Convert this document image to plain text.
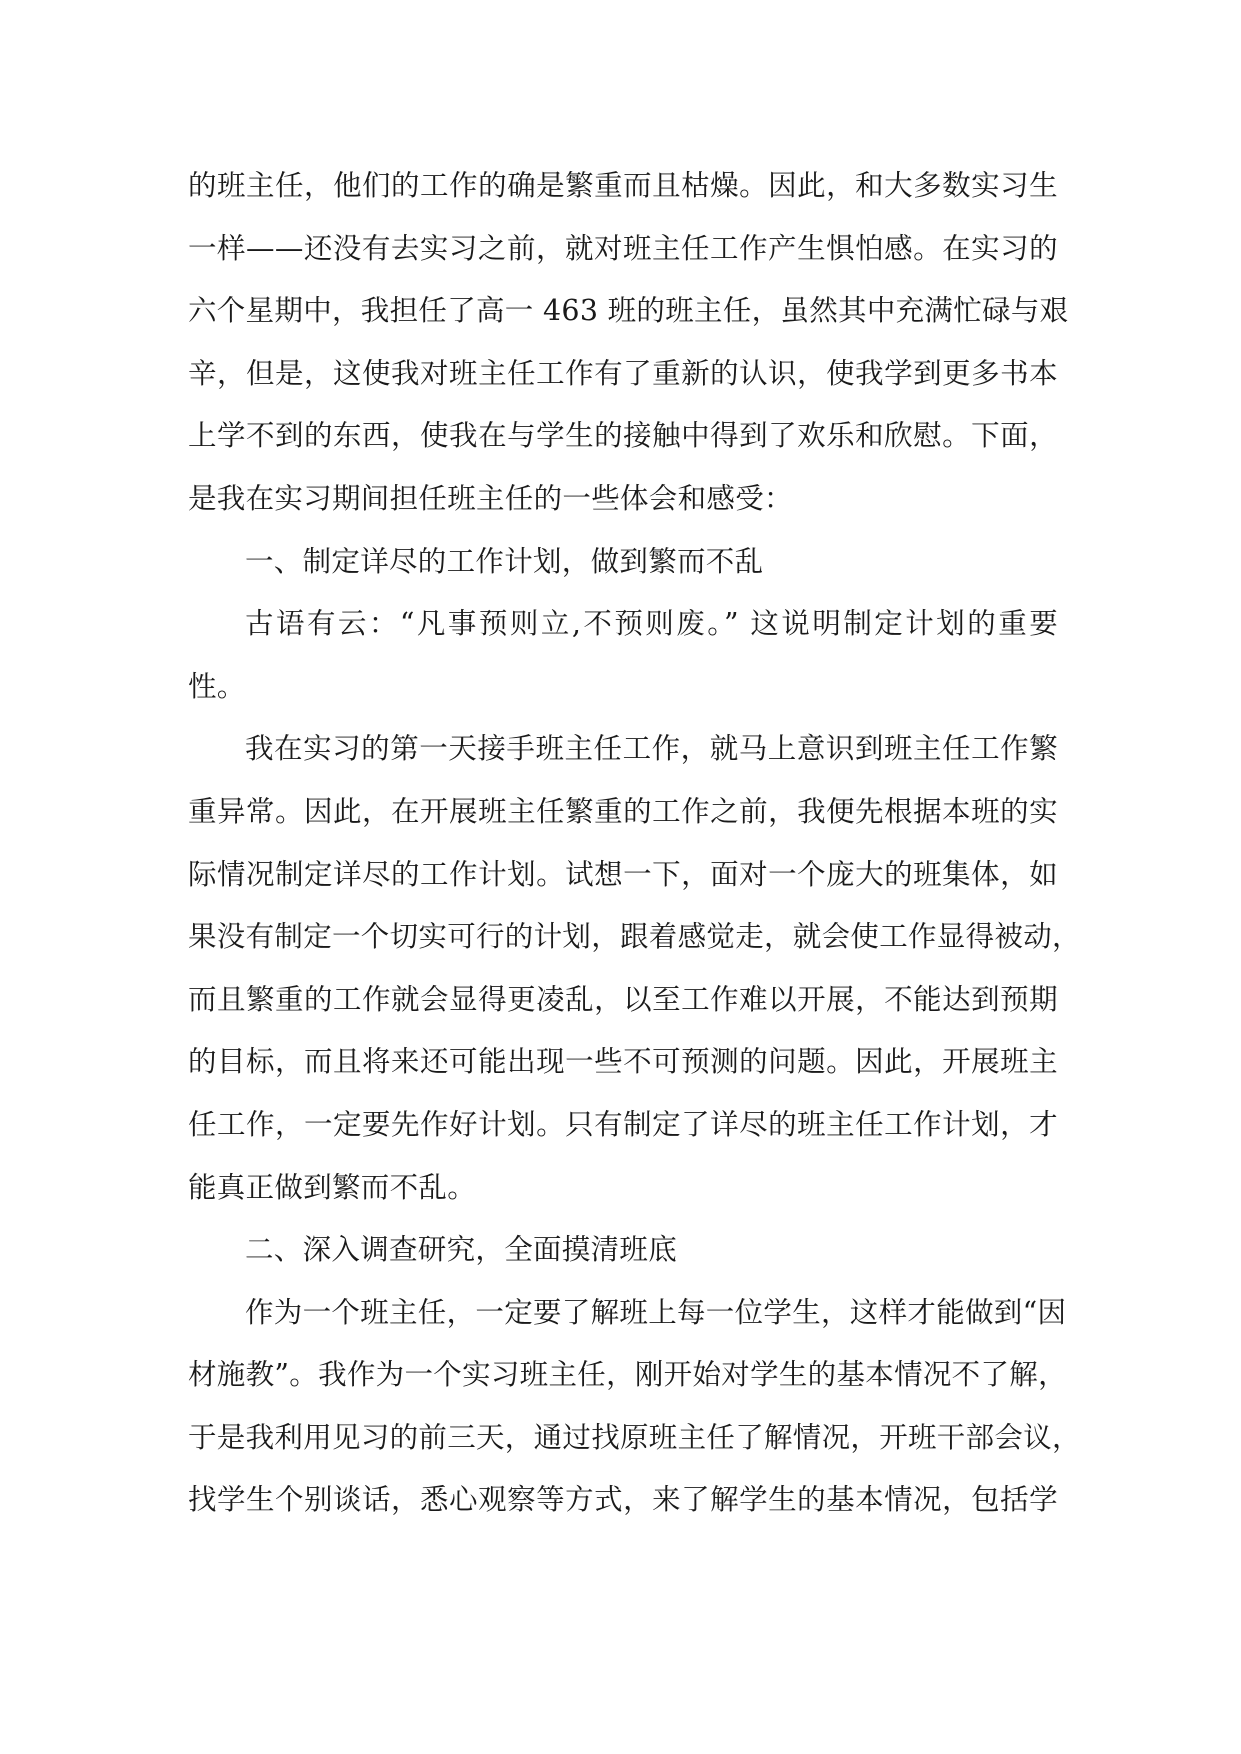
的班主任，他们的工作的确是繁重而且枯燥。因此，和大多数实习生
一样——还没有去实习之前，就对班主任工作产生惧怕感。在实习的
六个星期中，我担任了高一 463 班的班主任，虽然其中充满忙碌与艰
辛，但是，这使我对班主任工作有了重新的认识，使我学到更多书本
上学不到的东西，使我在与学生的接触中得到了欢乐和欣慰。下面，
是我在实习期间担任班主任的一些体会和感受：

一、制定详尽的工作计划，做到繁而不乱

古语有云：“凡事预则立,不预则废。” 这说明制定计划的重要
性。

我在实习的第一天接手班主任工作，就马上意识到班主任工作繁
重异常。因此，在开展班主任繁重的工作之前，我便先根据本班的实
际情况制定详尽的工作计划。试想一下，面对一个庞大的班集体，如
果没有制定一个切实可行的计划，跟着感觉走，就会使工作显得被动，
而且繁重的工作就会显得更凌乱，以至工作难以开展，不能达到预期
的目标，而且将来还可能出现一些不可预测的问题。因此，开展班主
任工作，一定要先作好计划。只有制定了详尽的班主任工作计划，才
能真正做到繁而不乱。

二、深入调查研究，全面摸清班底

作为一个班主任，一定要了解班上每一位学生，这样才能做到“因
材施教”。我作为一个实习班主任，刚开始对学生的基本情况不了解，
于是我利用见习的前三天，通过找原班主任了解情况，开班干部会议，
找学生个别谈话，悉心观察等方式，来了解学生的基本情况，包括学
